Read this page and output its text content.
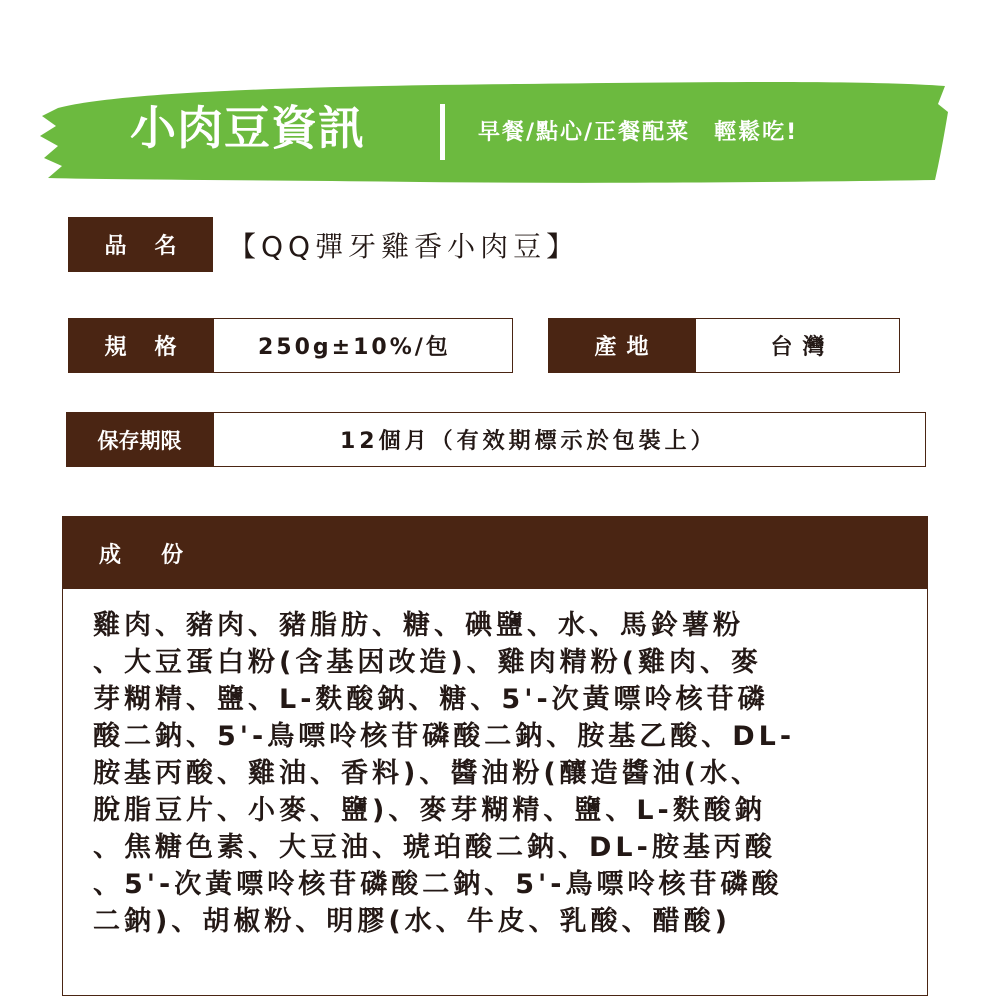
小肉豆資訊	早餐/點心/正餐配菜　輕鬆吃!
品名 【QQ彈牙雞香小肉豆】
規格	250g±10%/包	產地	台灣
保存期限	12個月（有效期標示於包裝上）
成份
雞肉、豬肉、豬脂肪、糖、碘鹽、水、馬鈴薯粉
、大豆蛋白粉(含基因改造)、雞肉精粉(雞肉、麥
芽糊精、鹽、L-麩酸鈉、糖、5'-次黃嘌呤核苷磷
酸二鈉、5'-鳥嘌呤核苷磷酸二鈉、胺基乙酸、DL-
胺基丙酸、雞油、香料)、醬油粉(釀造醬油(水、
脫脂豆片、小麥、鹽)、麥芽糊精、鹽、L-麩酸鈉
、焦糖色素、大豆油、琥珀酸二鈉、DL-胺基丙酸
、5'-次黃嘌呤核苷磷酸二鈉、5'-鳥嘌呤核苷磷酸
二鈉)、胡椒粉、明膠(水、牛皮、乳酸、醋酸)
